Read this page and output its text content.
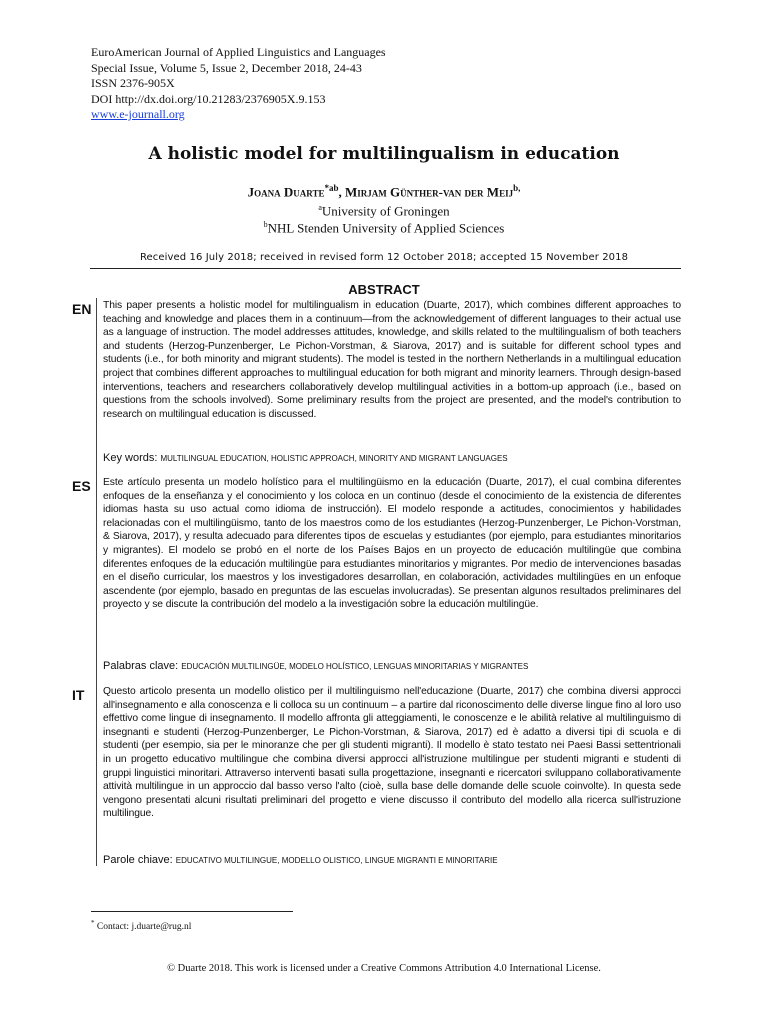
EuroAmerican Journal of Applied Linguistics and Languages
Special Issue, Volume 5, Issue 2, December 2018, 24-43
ISSN 2376-905X
DOI http://dx.doi.org/10.21283/2376905X.9.153
www.e-journall.org
A holistic model for multilingualism in education
Joana Duarte$^{*ab}$, Mirjam Günther-van der Meij$^{b,}$
$^a$University of Groningen
$^b$NHL Stenden University of Applied Sciences
Received 16 July 2018; received in revised form 12 October 2018; accepted 15 November 2018
ABSTRACT
EN This paper presents a holistic model for multilingualism in education (Duarte, 2017), which combines different approaches to teaching and knowledge and places them in a continuum—from the acknowledgement of different languages to their actual use as a language of instruction. The model addresses attitudes, knowledge, and skills related to the multilingualism of both teachers and students (Herzog-Punzenberger, Le Pichon-Vorstman, & Siarova, 2017) and is suitable for different school types and students (i.e., for both minority and migrant students). The model is tested in the northern Netherlands in a multilingual education project that combines different approaches to multilingual education for both migrant and minority learners. Through design-based interventions, teachers and researchers collaboratively develop multilingual activities in a bottom-up approach (i.e., based on questions from the schools involved). Some preliminary results from the project are presented, and the model's contribution to research on multilingual education is discussed.
Key words: MULTILINGUAL EDUCATION, HOLISTIC APPROACH, MINORITY AND MIGRANT LANGUAGES
ES Este artículo presenta un modelo holístico para el multilingüismo en la educación (Duarte, 2017), el cual combina diferentes enfoques de la enseñanza y el conocimiento y los coloca en un continuo (desde el conocimiento de la existencia de diferentes idiomas hasta su uso actual como idioma de instrucción). El modelo responde a actitudes, conocimientos y habilidades relacionadas con el multilingüismo, tanto de los maestros como de los estudiantes (Herzog-Punzenberger, Le Pichon-Vorstman, & Siarova, 2017), y resulta adecuado para diferentes tipos de escuelas y estudiantes (por ejemplo, para estudiantes minoritarios y migrantes). El modelo se probó en el norte de los Países Bajos en un proyecto de educación multilingüe que combina diferentes enfoques de la educación multilingüe para estudiantes minoritarios y migrantes. Por medio de intervenciones basadas en el diseño curricular, los maestros y los investigadores desarrollan, en colaboración, actividades multilingües en un enfoque ascendente (por ejemplo, basado en preguntas de las escuelas involucradas). Se presentan algunos resultados preliminares del proyecto y se discute la contribución del modelo a la investigación sobre la educación multilingüe.
Palabras clave: EDUCACIÓN MULTILINGÜE, MODELO HOLÍSTICO, LENGUAS MINORITARIAS Y MIGRANTES
IT Questo articolo presenta un modello olistico per il multilinguismo nell'educazione (Duarte, 2017) che combina diversi approcci all'insegnamento e alla conoscenza e li colloca su un continuum – a partire dal riconoscimento delle diverse lingue fino al loro uso effettivo come lingue di insegnamento. Il modello affronta gli atteggiamenti, le conoscenze e le abilità relative al multilinguismo di insegnanti e studenti (Herzog-Punzenberger, Le Pichon-Vorstman, & Siarova, 2017) ed è adatto a diversi tipi di scuola e di studenti (per esempio, sia per le minoranze che per gli studenti migranti). Il modello è stato testato nei Paesi Bassi settentrionali in un progetto educativo multilingue che combina diversi approcci all'istruzione multilingue per studenti migranti e studenti di gruppi linguistici minoritari. Attraverso interventi basati sulla progettazione, insegnanti e ricercatori sviluppano collaborativamente attività multilingue in un approccio dal basso verso l'alto (cioè, sulla base delle domande delle scuole coinvolte). In questa sede vengono presentati alcuni risultati preliminari del progetto e viene discusso il contributo del modello alla ricerca sull'istruzione multilingue.
Parole chiave: EDUCATIVO MULTILINGUE, MODELLO OLISTICO, LINGUE MIGRANTI E MINORITARIE
* Contact: j.duarte@rug.nl
© Duarte 2018. This work is licensed under a Creative Commons Attribution 4.0 International License.
